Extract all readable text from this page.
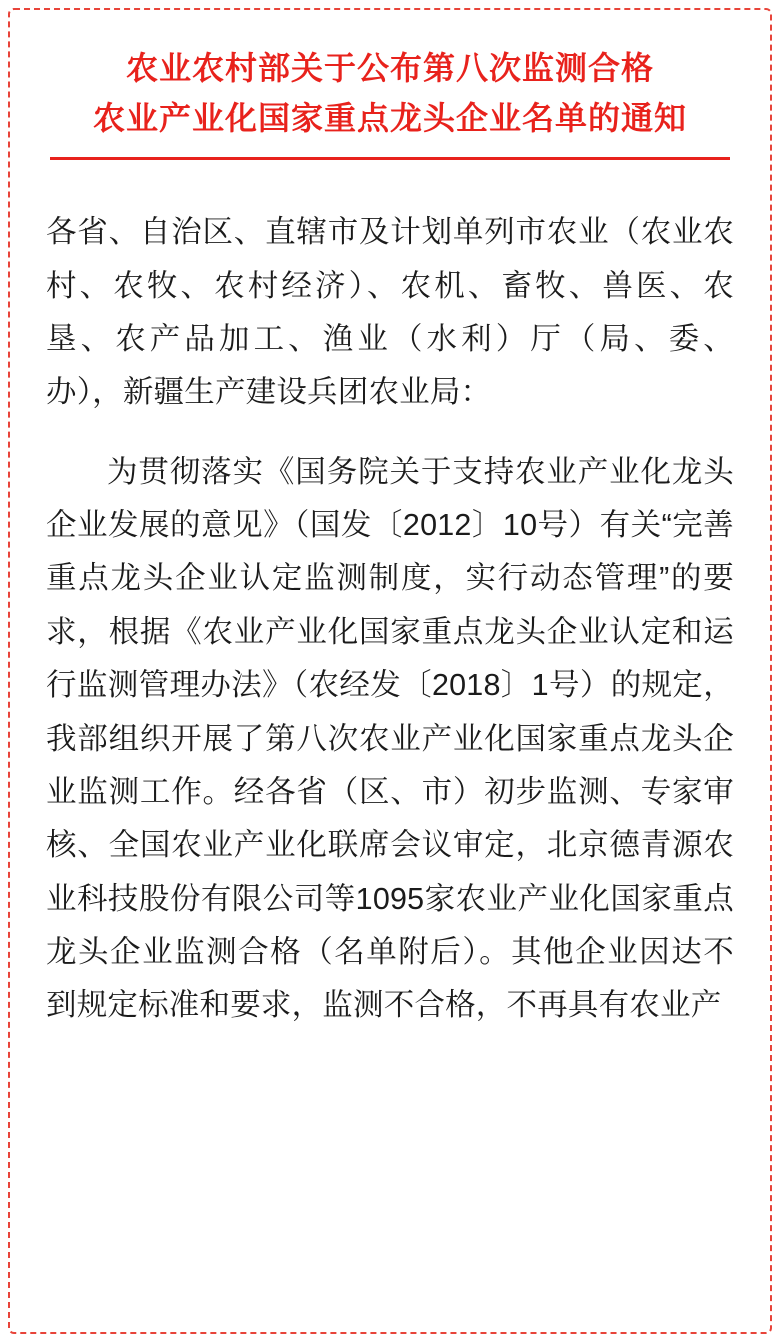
农业农村部关于公布第八次监测合格
农业产业化国家重点龙头企业名单的通知

各省、自治区、直辖市及计划单列市农业（农业农村、农牧、农村经济）、农机、畜牧、兽医、农垦、农产品加工、渔业（水利）厅（局、委、办），新疆生产建设兵团农业局：

为贯彻落实《国务院关于支持农业产业化龙头企业发展的意见》（国发〔2012〕10号）有关“完善重点龙头企业认定监测制度，实行动态管理”的要求，根据《农业产业化国家重点龙头企业认定和运行监测管理办法》（农经发〔2018〕1号）的规定，我部组织开展了第八次农业产业化国家重点龙头企业监测工作。经各省（区、市）初步监测、专家审核、全国农业产业化联席会议审定，北京德青源农业科技股份有限公司等1095家农业产业化国家重点龙头企业监测合格（名单附后）。其他企业因达不到规定标准和要求，监测不合格，不再具有农业产
